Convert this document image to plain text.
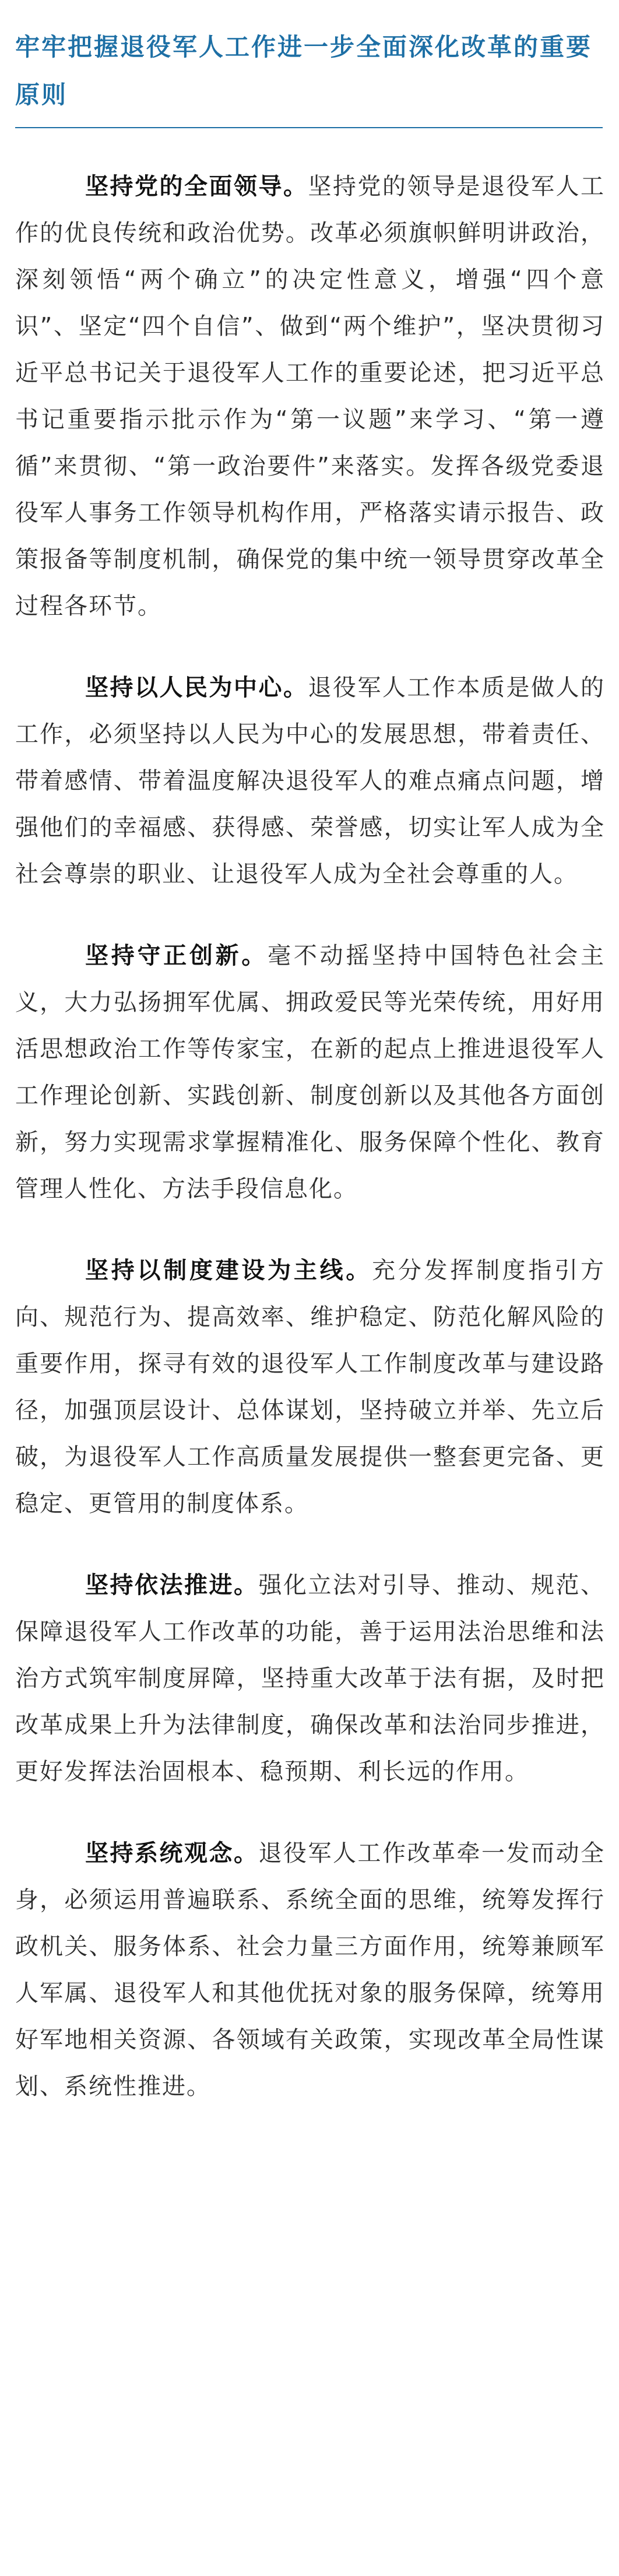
牢牢把握退役军人工作进一步全面深化改革的重要原则

坚持党的全面领导。坚持党的领导是退役军人工作的优良传统和政治优势。改革必须旗帜鲜明讲政治，深刻领悟“两个确立”的决定性意义，增强“四个意识”、坚定“四个自信”、做到“两个维护”，坚决贯彻习近平总书记关于退役军人工作的重要论述，把习近平总书记重要指示批示作为“第一议题”来学习、“第一遵循”来贯彻、“第一政治要件”来落实。发挥各级党委退役军人事务工作领导机构作用，严格落实请示报告、政策报备等制度机制，确保党的集中统一领导贯穿改革全过程各环节。

坚持以人民为中心。退役军人工作本质是做人的工作，必须坚持以人民为中心的发展思想，带着责任、带着感情、带着温度解决退役军人的难点痛点问题，增强他们的幸福感、获得感、荣誉感，切实让军人成为全社会尊崇的职业、让退役军人成为全社会尊重的人。

坚持守正创新。毫不动摇坚持中国特色社会主义，大力弘扬拥军优属、拥政爱民等光荣传统，用好用活思想政治工作等传家宝，在新的起点上推进退役军人工作理论创新、实践创新、制度创新以及其他各方面创新，努力实现需求掌握精准化、服务保障个性化、教育管理人性化、方法手段信息化。

坚持以制度建设为主线。充分发挥制度指引方向、规范行为、提高效率、维护稳定、防范化解风险的重要作用，探寻有效的退役军人工作制度改革与建设路径，加强顶层设计、总体谋划，坚持破立并举、先立后破，为退役军人工作高质量发展提供一整套更完备、更稳定、更管用的制度体系。

坚持依法推进。强化立法对引导、推动、规范、保障退役军人工作改革的功能，善于运用法治思维和法治方式筑牢制度屏障，坚持重大改革于法有据，及时把改革成果上升为法律制度，确保改革和法治同步推进，更好发挥法治固根本、稳预期、利长远的作用。

坚持系统观念。退役军人工作改革牵一发而动全身，必须运用普遍联系、系统全面的思维，统筹发挥行政机关、服务体系、社会力量三方面作用，统筹兼顾军人军属、退役军人和其他优抚对象的服务保障，统筹用好军地相关资源、各领域有关政策，实现改革全局性谋划、系统性推进。
